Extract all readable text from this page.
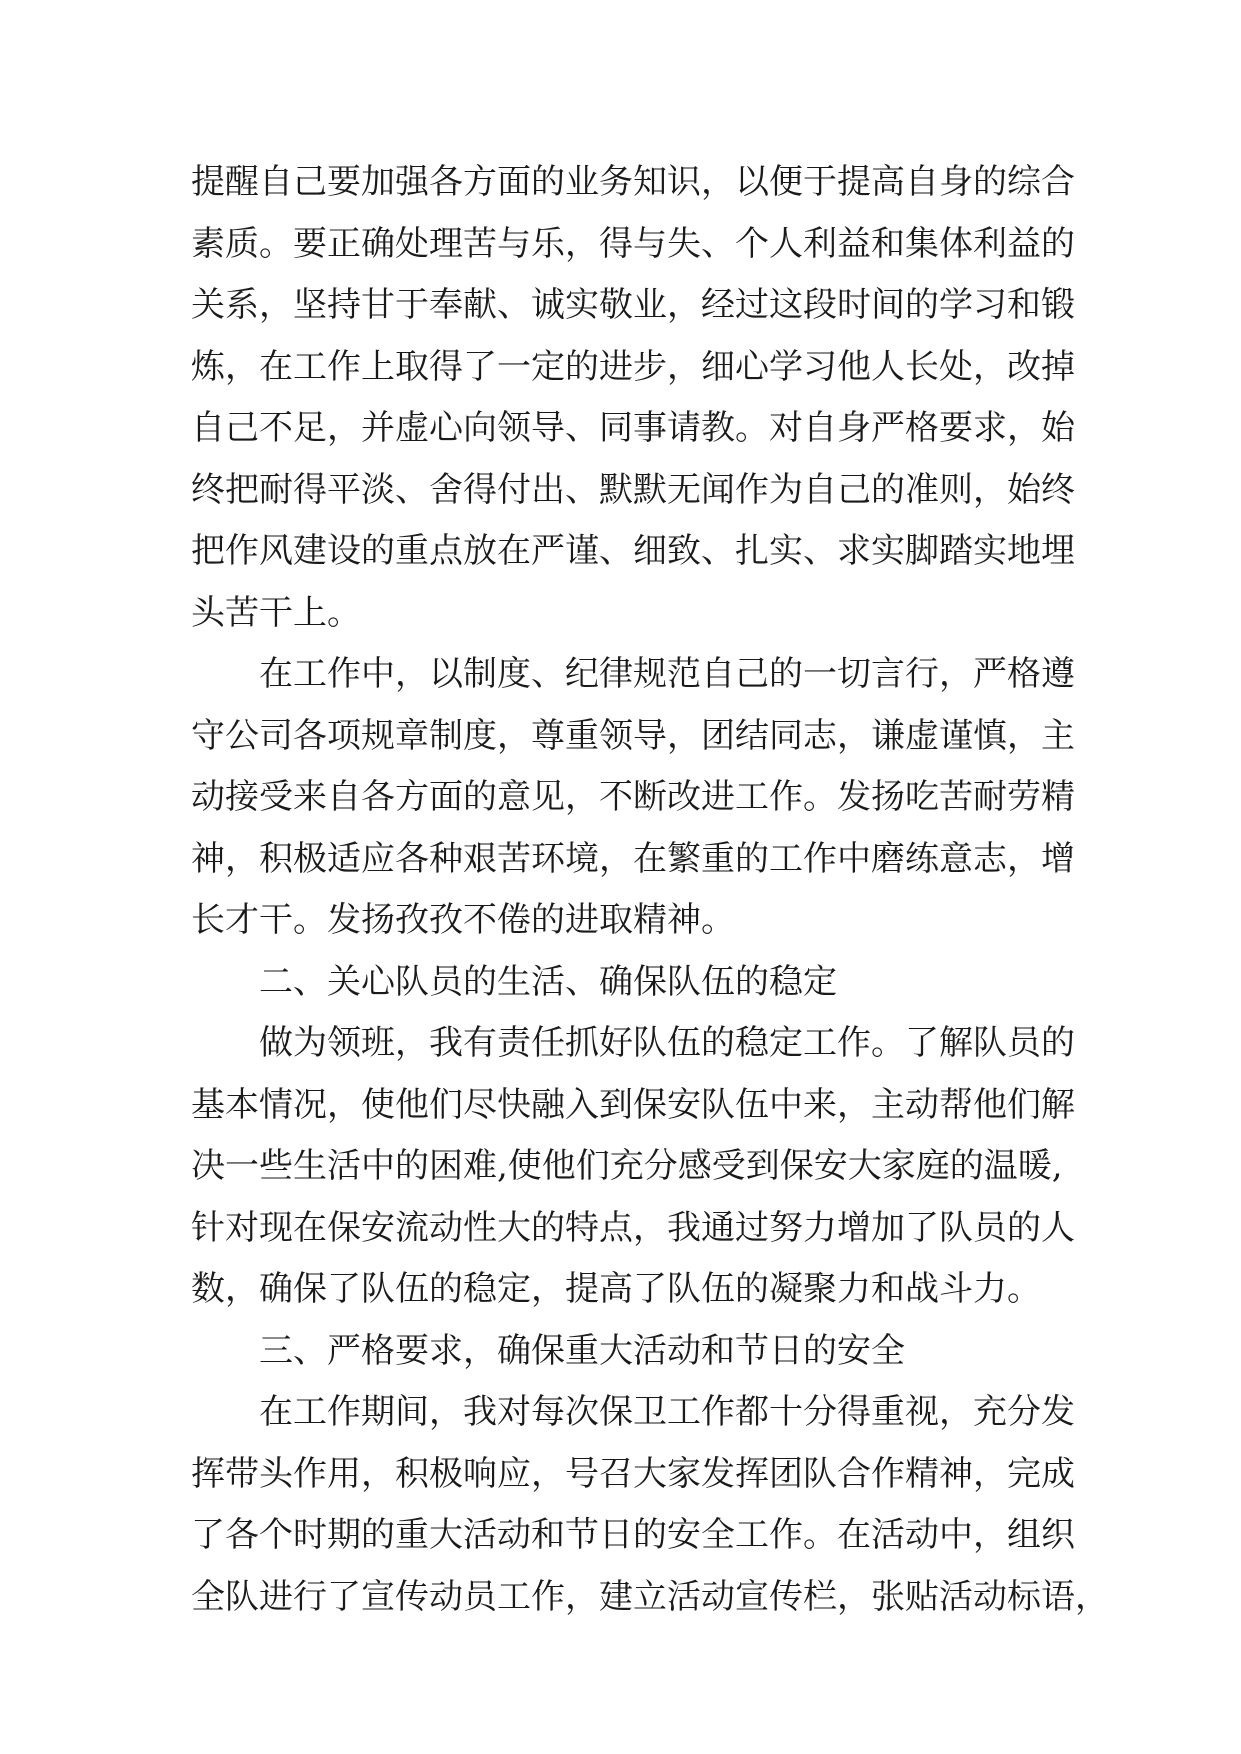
提醒自己要加强各方面的业务知识，以便于提高自身的综合
素质。要正确处理苦与乐，得与失、个人利益和集体利益的
关系，坚持甘于奉献、诚实敬业，经过这段时间的学习和锻
炼，在工作上取得了一定的进步，细心学习他人长处，改掉
自己不足，并虚心向领导、同事请教。对自身严格要求，始
终把耐得平淡、舍得付出、默默无闻作为自己的准则，始终
把作风建设的重点放在严谨、细致、扎实、求实脚踏实地埋
头苦干上。
在工作中，以制度、纪律规范自己的一切言行，严格遵
守公司各项规章制度，尊重领导，团结同志，谦虚谨慎，主
动接受来自各方面的意见，不断改进工作。发扬吃苦耐劳精
神，积极适应各种艰苦环境，在繁重的工作中磨练意志，增
长才干。发扬孜孜不倦的进取精神。
二、关心队员的生活、确保队伍的稳定
做为领班，我有责任抓好队伍的稳定工作。了解队员的
基本情况，使他们尽快融入到保安队伍中来，主动帮他们解
决一些生活中的困难,使他们充分感受到保安大家庭的温暖,
针对现在保安流动性大的特点，我通过努力增加了队员的人
数，确保了队伍的稳定，提高了队伍的凝聚力和战斗力。
三、严格要求，确保重大活动和节日的安全
在工作期间，我对每次保卫工作都十分得重视，充分发
挥带头作用，积极响应，号召大家发挥团队合作精神，完成
了各个时期的重大活动和节日的安全工作。在活动中，组织
全队进行了宣传动员工作，建立活动宣传栏，张贴活动标语，
